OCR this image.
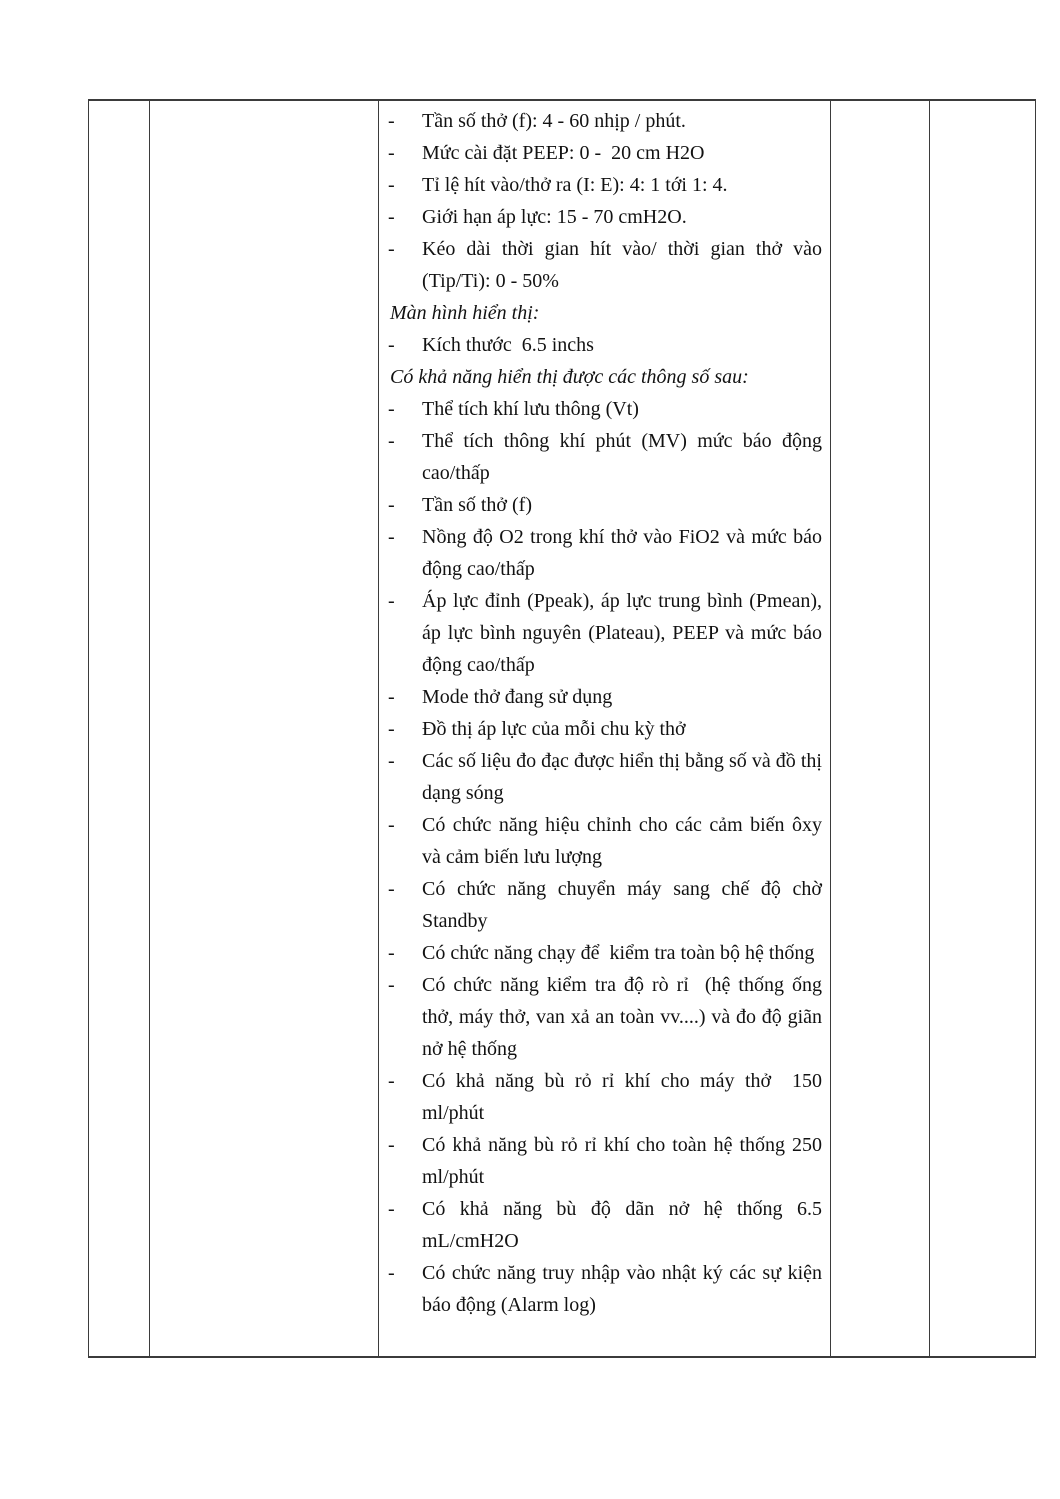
-	Tần số thở (f): 4 - 60 nhịp / phút.
-	Mức cài đặt PEEP: 0 -  20 cm H2O
-	Tỉ lệ hít vào/thở ra (I: E): 4: 1 tới 1: 4.
-	Giới hạn áp lực: 15 - 70 cmH2O.
-	Kéo dài thời gian hít vào/ thời gian thở vào (Tip/Ti): 0 - 50%
Màn hình hiển thị:
-	Kích thước  6.5 inchs
Có khả năng hiển thị được các thông số sau:
-	Thể tích khí lưu thông (Vt)
-	Thể tích thông khí phút (MV) mức báo động cao/thấp
-	Tần số thở (f)
-	Nồng độ O2 trong khí thở vào FiO2 và mức báo động cao/thấp
-	Áp lực đỉnh (Ppeak), áp lực trung bình (Pmean), áp lực bình nguyên (Plateau), PEEP và mức báo động cao/thấp
-	Mode thở đang sử dụng
-	Đồ thị áp lực của mỗi chu kỳ thở
-	Các số liệu đo đạc được hiển thị bằng số và đồ thị dạng sóng
-	Có chức năng hiệu chỉnh cho các cảm biến ôxy và cảm biến lưu lượng
-	Có chức năng chuyển máy sang chế độ chờ Standby
-	Có chức năng chạy để  kiểm tra toàn bộ hệ thống
-	Có chức năng kiểm tra độ rò rỉ  (hệ thống ống thở, máy thở, van xả an toàn vv....) và đo độ giãn nở hệ thống
-	Có khả năng bù rỏ rỉ khí cho máy thở  150 ml/phút
-	Có khả năng bù rỏ rỉ khí cho toàn hệ thống 250 ml/phút
-	Có khả năng bù độ dãn nở hệ thống 6.5 mL/cmH2O
-	Có chức năng truy nhập vào nhật ký các sự kiện báo động (Alarm log)
